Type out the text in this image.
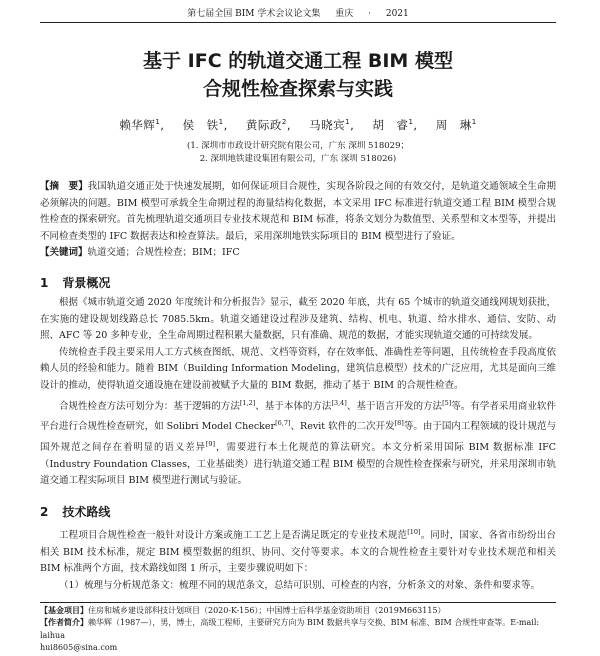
第七届全国 BIM 学术会议论文集 重庆 · 2021
基于 IFC 的轨道交通工程 BIM 模型
合规性检查探索与实践
赖华辉$^1$, 侯　铁$^1$, 黄际政$^2$, 马晓宾$^1$, 胡　睿$^1$, 周　琳$^1$
(1. 深圳市市政设计研究院有限公司，广东 深圳 518029；
2. 深圳地铁建设集团有限公司，广东 深圳 518026)
【摘　要】我国轨道交通正处于快速发展期，如何保证项目合规性，实现各阶段之间的有效交付，是轨道交通领域全生命期必须解决的问题。BIM 模型可承载全生命期过程的海量结构化数据，本文采用 IFC 标准进行轨道交通工程 BIM 模型合规性检查的探索研究。首先梳理轨道交通项目专业技术规范和 BIM 标准，将条文划分为数值型、关系型和文本型等，并提出不同检查类型的 IFC 数据表达和检查算法。最后，采用深圳地铁实际项目的 BIM 模型进行了验证。
【关键词】轨道交通；合规性检查；BIM；IFC
1 背景概况

根据《城市轨道交通 2020 年度统计和分析报告》显示，截至 2020 年底，共有 65 个城市的轨道交通线网规划获批，在实施的建设规划线路总长 7085.5km。轨道交通建设过程涉及建筑、结构、机电、轨道、给水排水、通信、安防、动照、AFC 等 20 多种专业，全生命周期过程积累大量数据，只有准确、规范的数据，才能实现轨道交通的可持续发展。

传统检查手段主要采用人工方式核查图纸、规范、文档等资料，存在效率低、准确性差等问题，且传统检查手段高度依赖人员的经验和能力。随着 BIM（Building Information Modeling，建筑信息模型）技术的广泛应用，尤其是面向三维设计的推动，使得轨道交通设施在建设前被赋予大量的 BIM 数据，推动了基于 BIM 的合规性检查。

合规性检查方法可划分为：基于逻辑的方法[1,2]、基于本体的方法[3,4]、基于语言开发的方法[5]等。有学者采用商业软件平台进行合规性检查研究，如 Solibri Model Checker[6,7]、Revit 软件的二次开发[8]等。由于国内工程领域的设计规范与国外规范之间存在着明显的语义差异[9]，需要进行本土化规范的算法研究。本文分析采用国际 BIM 数据标准 IFC（Industry Foundation Classes，工业基础类）进行轨道交通工程 BIM 模型的合规性检查探索与研究，并采用深圳市轨道交通工程实际项目 BIM 模型进行测试与验证。

2 技术路线

工程项目合规性检查一般针对设计方案或施工工艺上是否满足既定的专业技术规范[10]。同时，国家、各省市纷纷出台相关 BIM 技术标准，规定 BIM 模型数据的组织、协同、交付等要求。本文的合规性检查主要针对专业技术规范和相关 BIM 标准两个方面，技术路线如图 1 所示，主要步骤说明如下：

（1）梳理与分析规范条文：梳理不同的规范条文，总结可识别、可检查的内容，分析条文的对象、条件和要求等。

【基金项目】住房和城乡建设部科技计划项目（2020-K-156）；中国博士后科学基金资助项目（2019M663115）
【作者简介】赖华辉（1987—），男，博士，高级工程师，主要研究方向为 BIM 数据共享与交换、BIM 标准、BIM 合规性审查等。E-mail: laihua
hui8605@sina.com
